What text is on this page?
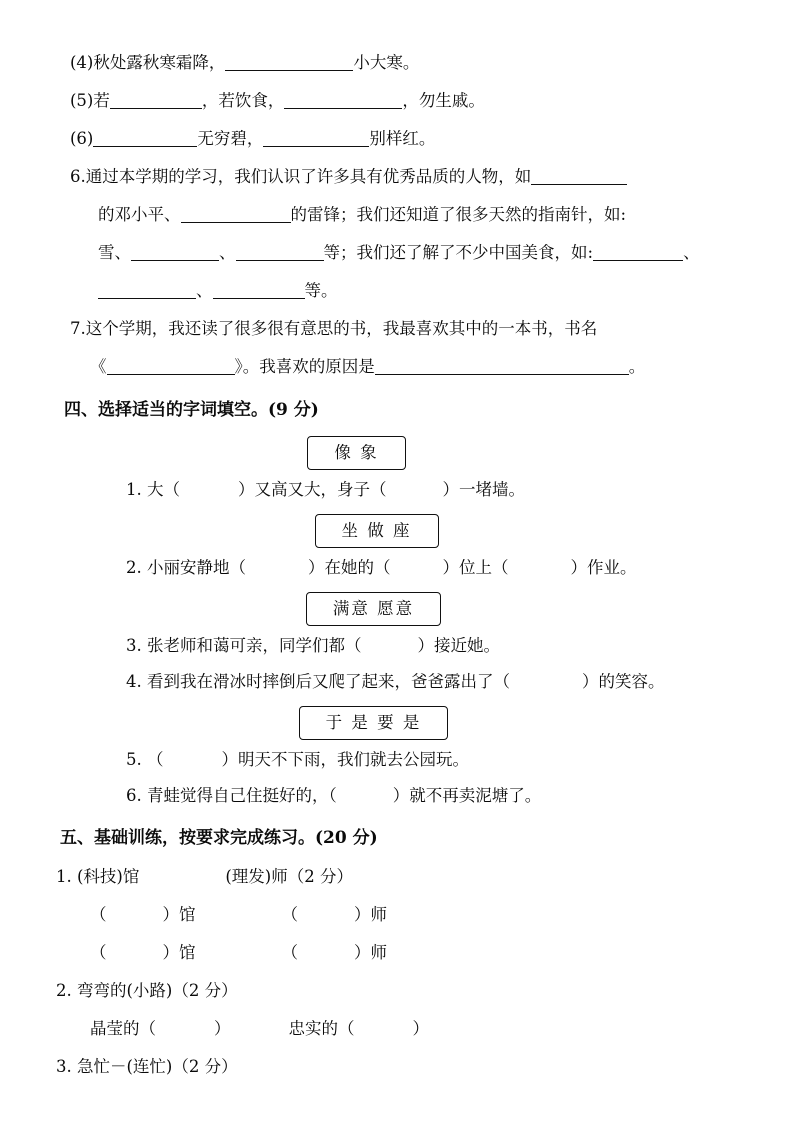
(4)秋处露秋寒霜降，	小大寒。
(5)若	，若饮食，	，勿生戚。
(6)	无穷碧，	别样红。
6.通过本学期的学习，我们认识了许多具有优秀品质的人物，如
的邓小平、	的雷锋；我们还知道了很多天然的指南针，如:
雪、	、	等；我们还了解了不少中国美食，如:	、
、	等。
7.这个学期，我还读了很多很有意思的书，我最喜欢其中的一本书，书名
《	》。我喜欢的原因是	。
四、选择适当的字词填空。(9 分)
像 象
1. 大（	）又高又大，身子（	）一堵墙。
坐 做 座
2. 小丽安静地（	）在她的（	）位上（	）作业。
满意 愿意
3. 张老师和蔼可亲，同学们都（	）接近她。
4. 看到我在滑冰时摔倒后又爬了起来，爸爸露出了（	）的笑容。
于 是 要 是
5. （	）明天不下雨，我们就去公园玩。
6. 青蛙觉得自己住挺好的，（	）就不再卖泥塘了。
五、基础训练，按要求完成练习。(20 分)
1. (科技)馆	(理发)师（2 分）
（	）馆	（	）师
（	）馆	（	）师
2. 弯弯的(小路)（2 分）
晶莹的（	）	忠实的（	）
3. 急忙－(连忙)（2 分）
